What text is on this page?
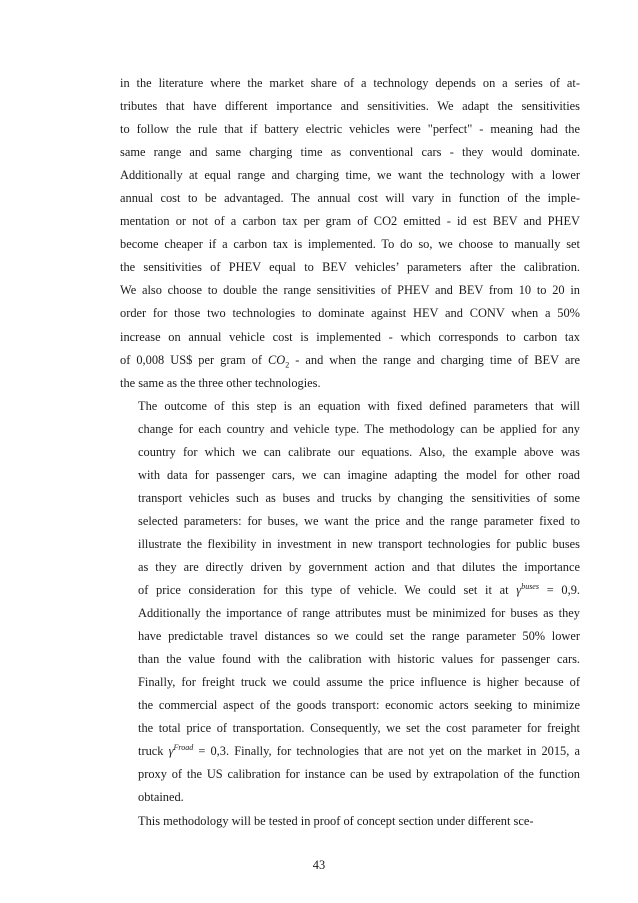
in the literature where the market share of a technology depends on a series of at-
tributes that have different importance and sensitivities. We adapt the sensitivities
to follow the rule that if battery electric vehicles were "perfect" - meaning had the
same range and same charging time as conventional cars - they would dominate.
Additionally at equal range and charging time, we want the technology with a lower
annual cost to be advantaged. The annual cost will vary in function of the imple-
mentation or not of a carbon tax per gram of CO2 emitted - id est BEV and PHEV
become cheaper if a carbon tax is implemented. To do so, we choose to manually set
the sensitivities of PHEV equal to BEV vehicles’ parameters after the calibration.
We also choose to double the range sensitivities of PHEV and BEV from 10 to 20 in
order for those two technologies to dominate against HEV and CONV when a 50%
increase on annual vehicle cost is implemented - which corresponds to carbon tax
of 0,008 US$ per gram of $CO_2$ - and when the range and charging time of BEV are
the same as the three other technologies.

The outcome of this step is an equation with fixed defined parameters that will
change for each country and vehicle type. The methodology can be applied for any
country for which we can calibrate our equations. Also, the example above was
with data for passenger cars, we can imagine adapting the model for other road
transport vehicles such as buses and trucks by changing the sensitivities of some
selected parameters: for buses, we want the price and the range parameter fixed to
illustrate the flexibility in investment in new transport technologies for public buses
as they are directly driven by government action and that dilutes the importance
of price consideration for this type of vehicle. We could set it at $\gamma^{buses} = 0,9$.
Additionally the importance of range attributes must be minimized for buses as they
have predictable travel distances so we could set the range parameter 50% lower
than the value found with the calibration with historic values for passenger cars.
Finally, for freight truck we could assume the price influence is higher because of
the commercial aspect of the goods transport: economic actors seeking to minimize
the total price of transportation. Consequently, we set the cost parameter for freight
truck $\gamma^{Froad} = 0,3$. Finally, for technologies that are not yet on the market in 2015, a
proxy of the US calibration for instance can be used by extrapolation of the function
obtained.

This methodology will be tested in proof of concept section under different sce-

43
